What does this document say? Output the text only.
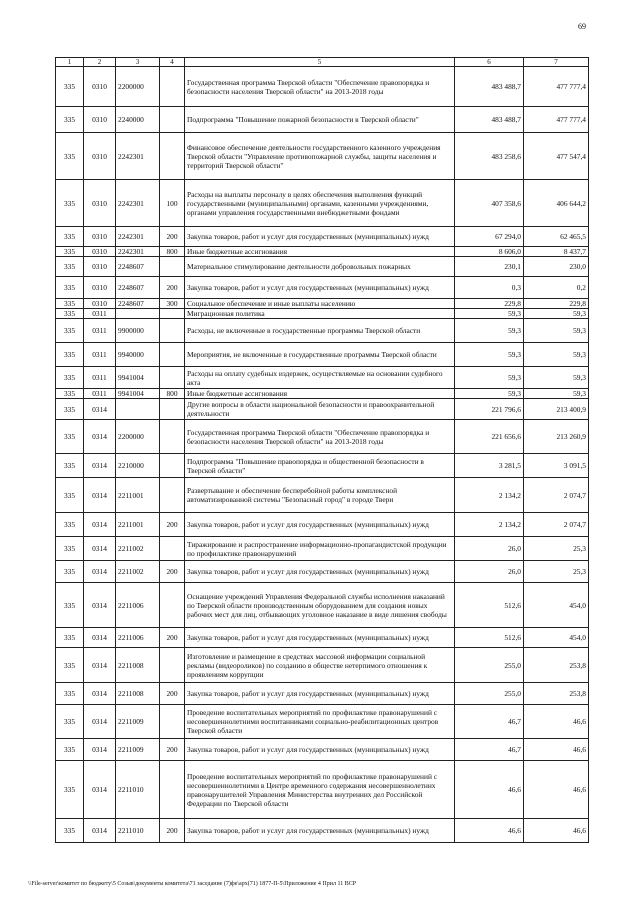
69
1	2	3	4	5	6	7
335	0310	2200000		Государственная программа Тверской области "Обеспечение правопорядка и безопасности населения Тверской области" на 2013-2018 годы	483 488,7	477 777,4
335	0310	2240000		Подпрограмма "Повышение пожарной безопасности в Тверской области"	483 488,7	477 777,4
335	0310	2242301		Финансовое обеспечение деятельности государственного казенного учреждения Тверской области "Управление противопожарной службы, защиты населения и территорий Тверской области"	483 258,6	477 547,4
335	0310	2242301	100	Расходы на выплаты персоналу в целях обеспечения выполнения функций государственными (муниципальными) органами, казенными учреждениями, органами управления государственными внебюджетными фондами	407 358,6	406 644,2
335	0310	2242301	200	Закупка товаров, работ и услуг для государственных (муниципальных) нужд	67 294,0	62 465,5
335	0310	2242301	800	Иные бюджетные ассигнования	8 606,0	8 437,7
335	0310	2248607		Материальное стимулирование деятельности добровольных пожарных	230,1	230,0
335	0310	2248607	200	Закупка товаров, работ и услуг для государственных (муниципальных) нужд	0,3	0,2
335	0310	2248607	300	Социальное обеспечение и иные выплаты населению	229,8	229,8
335	0311			Миграционная политика	59,3	59,3
335	0311	9900000		Расходы, не включенные в государственные программы Тверской области	59,3	59,3
335	0311	9940000		Мероприятия, не включенные в государственные программы Тверской области	59,3	59,3
335	0311	9941004		Расходы на оплату судебных издержек, осуществляемые на основании судебного акта	59,3	59,3
335	0311	9941004	800	Иные бюджетные ассигнования	59,3	59,3
335	0314			Другие вопросы в области национальной безопасности и правоохранительной деятельности	221 796,6	213 400,9
335	0314	2200000		Государственная программа Тверской области "Обеспечение правопорядка и безопасности населения Тверской области" на 2013-2018 годы	221 656,6	213 260,9
335	0314	2210000		Подпрограмма "Повышение правопорядка и общественной безопасности в Тверской области"	3 281,5	3 091,5
335	0314	2211001		Развертывание и обеспечение бесперебойной работы комплексной автоматизированной системы "Безопасный город" в городе Твери	2 134,2	2 074,7
335	0314	2211001	200	Закупка товаров, работ и услуг для государственных (муниципальных) нужд	2 134,2	2 074,7
335	0314	2211002		Тиражирование и распространение информационно-пропагандистской продукции по профилактике правонарушений	26,0	25,3
335	0314	2211002	200	Закупка товаров, работ и услуг для государственных (муниципальных) нужд	26,0	25,3
335	0314	2211006		Оснащение учреждений Управления Федеральной службы исполнения наказаний по Тверской области производственным оборудованием для создания новых рабочих мест для лиц, отбывающих уголовное наказание в виде лишения свободы	512,6	454,0
335	0314	2211006	200	Закупка товаров, работ и услуг для государственных (муниципальных) нужд	512,6	454,0
335	0314	2211008		Изготовление и размещение в средствах массовой информации социальной рекламы (видеороликов) по созданию в обществе нетерпимого отношения к проявлениям коррупции	255,0	253,8
335	0314	2211008	200	Закупка товаров, работ и услуг для государственных (муниципальных) нужд	255,0	253,8
335	0314	2211009		Проведение воспитательных мероприятий по профилактике правонарушений с несовершеннолетними воспитанниками социально-реабилитационных центров Тверской области	46,7	46,6
335	0314	2211009	200	Закупка товаров, работ и услуг для государственных (муниципальных) нужд	46,7	46,6
335	0314	2211010		Проведение воспитательных мероприятий по профилактике правонарушений с несовершеннолетними в Центре временного содержания несовершеннолетних правонарушителей Управления Министерства внутренних дел Российской Федерации по Тверской области	46,6	46,6
335	0314	2211010	200	Закупка товаров, работ и услуг для государственных (муниципальных) нужд	46,6	46,6
\\File-server\комитет по бюджету\5 Созыв\документы комитета\71 заседание (7)фе\арх(71) 1877-П-5\Приложение 4 Прил 11 ВСР
